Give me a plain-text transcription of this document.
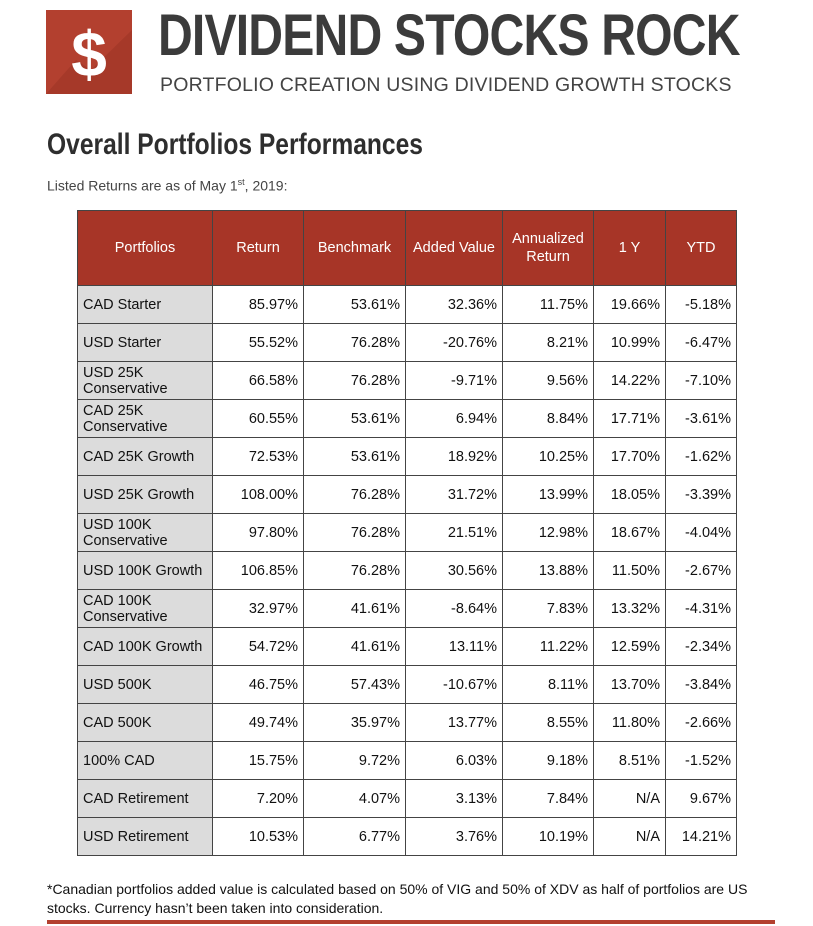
$ DIVIDEND STOCKS ROCK
PORTFOLIO CREATION USING DIVIDEND GROWTH STOCKS
Overall Portfolios Performances
Listed Returns are as of May 1st, 2019:
Portfolios	Return	Benchmark	Added Value	Annualized Return	1 Y	YTD
CAD Starter	85.97%	53.61%	32.36%	11.75%	19.66%	-5.18%
USD Starter	55.52%	76.28%	-20.76%	8.21%	10.99%	-6.47%
USD 25K Conservative	66.58%	76.28%	-9.71%	9.56%	14.22%	-7.10%
CAD 25K Conservative	60.55%	53.61%	6.94%	8.84%	17.71%	-3.61%
CAD 25K Growth	72.53%	53.61%	18.92%	10.25%	17.70%	-1.62%
USD 25K Growth	108.00%	76.28%	31.72%	13.99%	18.05%	-3.39%
USD 100K Conservative	97.80%	76.28%	21.51%	12.98%	18.67%	-4.04%
USD 100K Growth	106.85%	76.28%	30.56%	13.88%	11.50%	-2.67%
CAD 100K Conservative	32.97%	41.61%	-8.64%	7.83%	13.32%	-4.31%
CAD 100K Growth	54.72%	41.61%	13.11%	11.22%	12.59%	-2.34%
USD 500K	46.75%	57.43%	-10.67%	8.11%	13.70%	-3.84%
CAD 500K	49.74%	35.97%	13.77%	8.55%	11.80%	-2.66%
100% CAD	15.75%	9.72%	6.03%	9.18%	8.51%	-1.52%
CAD Retirement	7.20%	4.07%	3.13%	7.84%	N/A	9.67%
USD Retirement	10.53%	6.77%	3.76%	10.19%	N/A	14.21%
*Canadian portfolios added value is calculated based on 50% of VIG and 50% of XDV as half of portfolios are US stocks. Currency hasn’t been taken into consideration.
